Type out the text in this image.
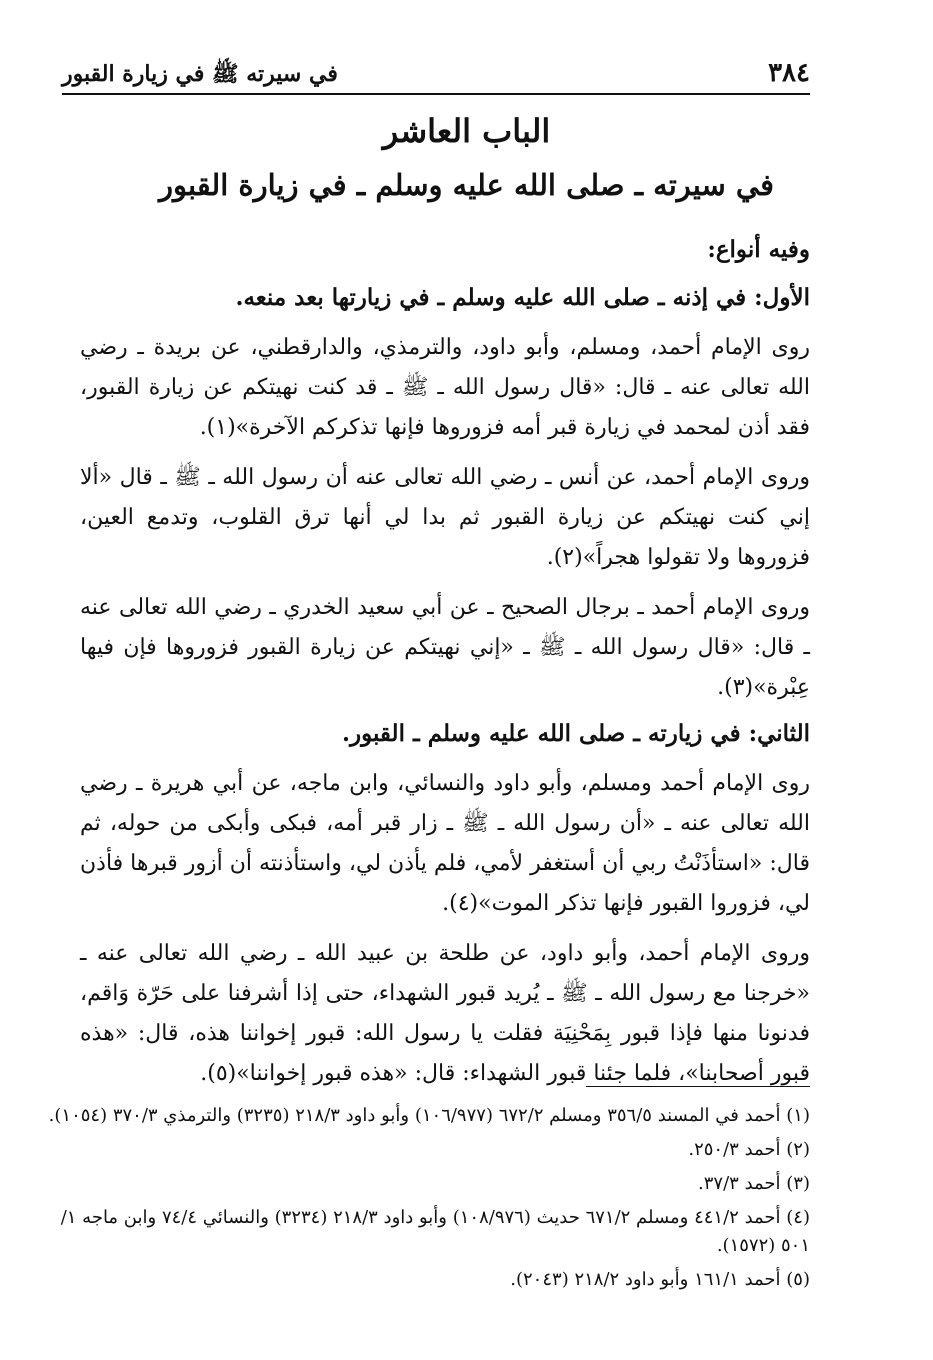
٣٨٤
في سيرته ﷺ في زيارة القبور
الباب العاشر
في سيرته ـ صلى الله عليه وسلم ـ في زيارة القبور

وفيه أنواع:

الأول: في إذنه ـ صلى الله عليه وسلم ـ في زيارتها بعد منعه.

روى الإمام أحمد، ومسلم، وأبو داود، والترمذي، والدارقطني، عن بريدة ـ رضي الله تعالى عنه ـ قال: «قال رسول الله ـ ﷺ ـ قد كنت نهيتكم عن زيارة القبور، فقد أذن لمحمد في زيارة قبر أمه فزوروها فإنها تذكركم الآخرة»(١).

وروى الإمام أحمد، عن أنس ـ رضي الله تعالى عنه أن رسول الله ـ ﷺ ـ قال «ألا إني كنت نهيتكم عن زيارة القبور ثم بدا لي أنها ترق القلوب، وتدمع العين، فزوروها ولا تقولوا هجراً»(٢).

وروى الإمام أحمد ـ برجال الصحيح ـ عن أبي سعيد الخدري ـ رضي الله تعالى عنه ـ قال: «قال رسول الله ـ ﷺ ـ «إني نهيتكم عن زيارة القبور فزوروها فإن فيها عِبْرة»(٣).

الثاني: في زيارته ـ صلى الله عليه وسلم ـ القبور.

روى الإمام أحمد ومسلم، وأبو داود والنسائي، وابن ماجه، عن أبي هريرة ـ رضي الله تعالى عنه ـ «أن رسول الله ـ ﷺ ـ زار قبر أمه، فبكى وأبكى من حوله، ثم قال: «استأذَنْتُ ربي أن أستغفر لأمي، فلم يأذن لي، واستأذنته أن أزور قبرها فأذن لي، فزوروا القبور فإنها تذكر الموت»(٤).

وروى الإمام أحمد، وأبو داود، عن طلحة بن عبيد الله ـ رضي الله تعالى عنه ـ «خرجنا مع رسول الله ـ ﷺ ـ يُريد قبور الشهداء، حتى إذا أشرفنا على حَرّة وَاقم، فدنونا منها فإذا قبور بِمَحْنِيَة فقلت يا رسول الله: قبور إخواننا هذه، قال: «هذه قبور أصحابنا»، فلما جئنا قبور الشهداء: قال: «هذه قبور إخواننا»(٥).

(١) أحمد في المسند ٣٥٦/٥ ومسلم ٦٧٢/٢ (١٠٦/٩٧٧) وأبو داود ٢١٨/٣ (٣٢٣٥) والترمذي ٣٧٠/٣ (١٠٥٤).

(٢) أحمد ٢٥٠/٣.

(٣) أحمد ٣٧/٣.

(٤) أحمد ٤٤١/٢ ومسلم ٦٧١/٢ حديث (١٠٨/٩٧٦) وأبو داود ٢١٨/٣ (٣٢٣٤) والنسائي ٧٤/٤ وابن ماجه ١/ ٥٠١ (١٥٧٢).

(٥) أحمد ١٦١/١ وأبو داود ٢١٨/٢ (٢٠٤٣).
